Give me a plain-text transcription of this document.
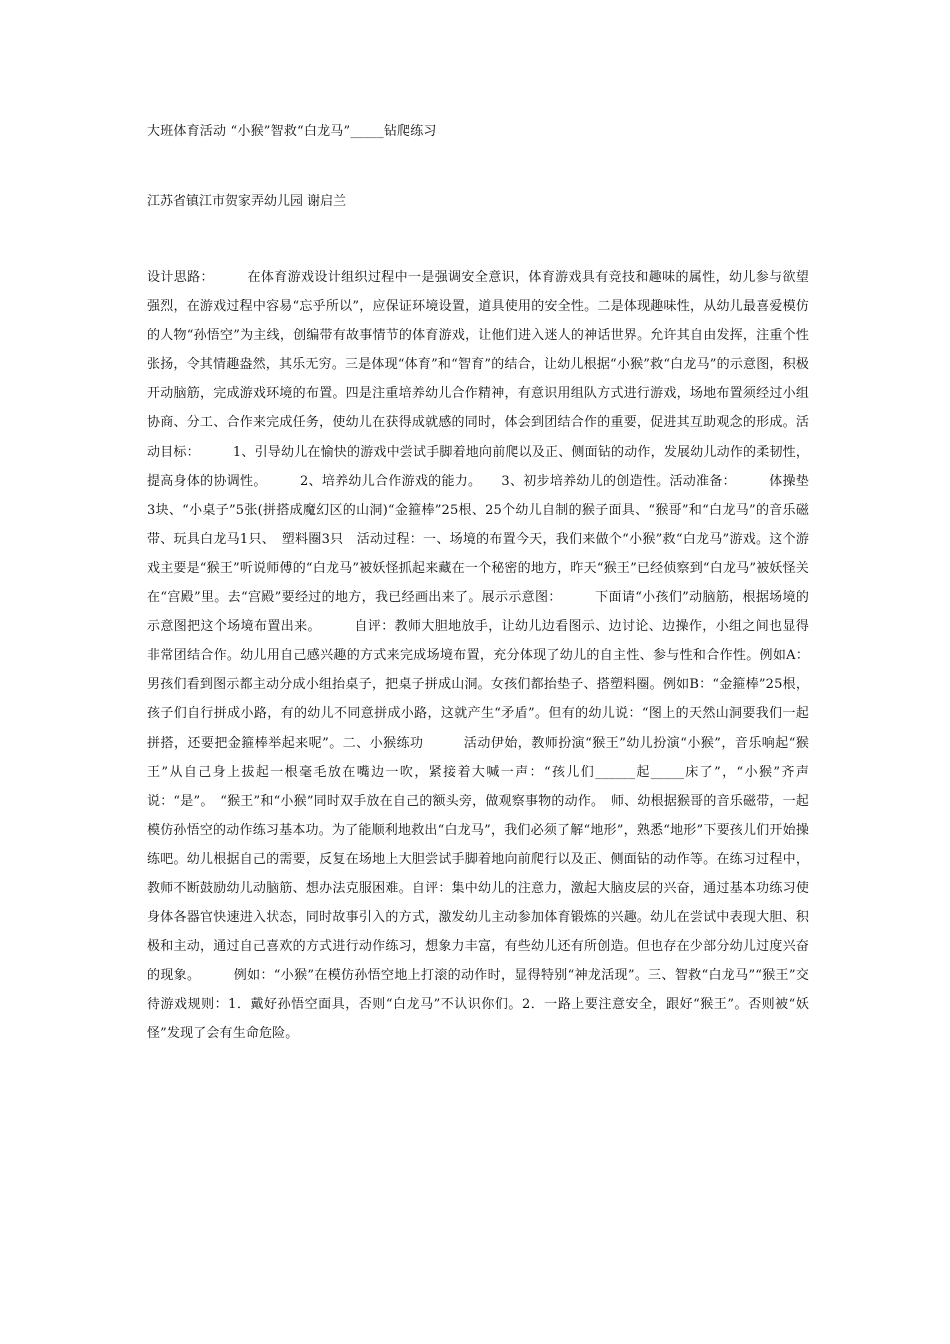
大班体育活动 “小猴”智救“白龙马”_____钻爬练习
江苏省镇江市贺家弄幼儿园 谢启兰
设计思路：　　　在体育游戏设计组织过程中一是强调安全意识，体育游戏具有竞技和趣味的属性，幼儿参与欲望强烈，在游戏过程中容易“忘乎所以”，应保证环境设置，道具使用的安全性。二是体现趣味性，从幼儿最喜爱模仿的人物“孙悟空”为主线，创编带有故事情节的体育游戏，让他们进入迷人的神话世界。允许其自由发挥，注重个性张扬，令其情趣盎然，其乐无穷。三是体现“体育”和“智育”的结合，让幼儿根据“小猴”救“白龙马”的示意图，积极开动脑筋，完成游戏环境的布置。四是注重培养幼儿合作精神，有意识用组队方式进行游戏，场地布置须经过小组协商、分工、合作来完成任务，使幼儿在获得成就感的同时，体会到团结合作的重要，促进其互助观念的形成。活动目标：　　　1、引导幼儿在愉快的游戏中尝试手脚着地向前爬以及正、侧面钻的动作，发展幼儿动作的柔韧性，提高身体的协调性。　　　2、培养幼儿合作游戏的能力。　　3、初步培养幼儿的创造性。活动准备：　　　体操垫3块、“小桌子”5张(拼搭成魔幻区的山洞)“金箍棒”25根、25个幼儿自制的猴子面具、“猴哥”和“白龙马”的音乐磁带、玩具白龙马1只、　塑料圈3只　活动过程：一、场境的布置今天，我们来做个“小猴”救“白龙马”游戏。这个游戏主要是“猴王”听说师傅的“白龙马”被妖怪抓起来藏在一个秘密的地方，昨天“猴王”已经侦察到“白龙马”被妖怪关在“宫殿”里。去“宫殿”要经过的地方，我已经画出来了。展示示意图：　　　下面请“小孩们”动脑筋，根据场境的示意图把这个场境布置出来。　　　自评：教师大胆地放手，让幼儿边看图示、边讨论、边操作，小组之间也显得非常团结合作。幼儿用自己感兴趣的方式来完成场境布置，充分体现了幼儿的自主性、参与性和合作性。例如A：男孩们看到图示都主动分成小组抬桌子，把桌子拼成山洞。女孩们都抬垫子、搭塑料圈。例如B：“金箍棒”25根，孩子们自行拼成小路，有的幼儿不同意拼成小路，这就产生“矛盾”。但有的幼儿说：“图上的天然山洞要我们一起拼搭，还要把金箍棒举起来呢”。二、小猴练功　　　活动伊始，教师扮演“猴王”幼儿扮演“小猴”，音乐响起“猴王”从自己身上拔起一根毫毛放在嘴边一吹，紧接着大喊一声：“孩儿们______起_____床了”，“小猴”齐声说：“是”。　“猴王”和“小猴”同时双手放在自己的额头旁，做观察事物的动作。　师、幼根据猴哥的音乐磁带，一起模仿孙悟空的动作练习基本功。为了能顺利地救出“白龙马”，我们必须了解“地形”，熟悉“地形”下要孩儿们开始操练吧。幼儿根据自己的需要，反复在场地上大胆尝试手脚着地向前爬行以及正、侧面钻的动作等。在练习过程中，教师不断鼓励幼儿动脑筋、想办法克服困难。自评：集中幼儿的注意力，激起大脑皮层的兴奋，通过基本功练习使身体各器官快速进入状态，同时故事引入的方式，激发幼儿主动参加体育锻炼的兴趣。幼儿在尝试中表现大胆、积极和主动，通过自己喜欢的方式进行动作练习，想象力丰富，有些幼儿还有所创造。但也存在少部分幼儿过度兴奋的现象。　　　例如：“小猴”在模仿孙悟空地上打滚的动作时，显得特别“神龙活现”。三、智救“白龙马”“猴王”交待游戏规则：1．戴好孙悟空面具，否则“白龙马”不认识你们。2．一路上要注意安全，跟好“猴王”。否则被“妖怪”发现了会有生命危险。
